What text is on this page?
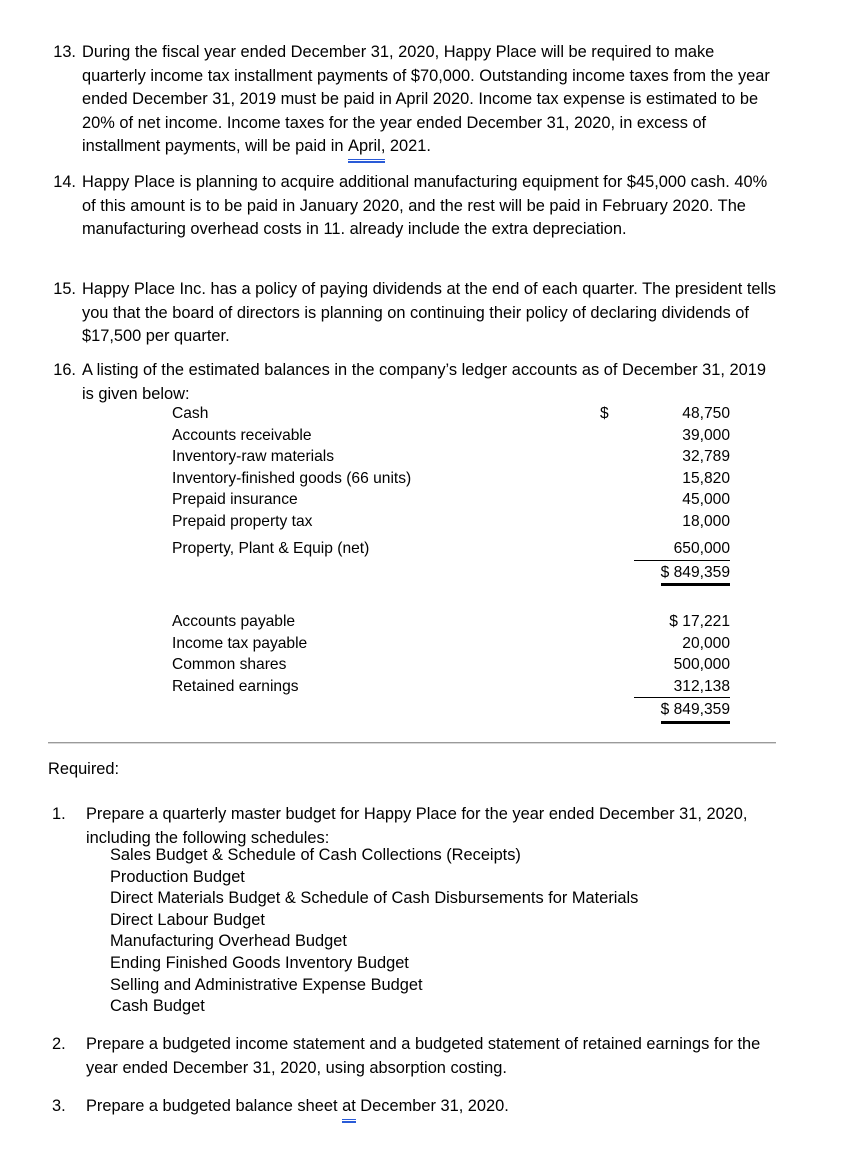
13. During the fiscal year ended December 31, 2020, Happy Place will be required to make quarterly income tax installment payments of $70,000. Outstanding income taxes from the year ended December 31, 2019 must be paid in April 2020. Income tax expense is estimated to be 20% of net income. Income taxes for the year ended December 31, 2020, in excess of installment payments, will be paid in April, 2021.
14. Happy Place is planning to acquire additional manufacturing equipment for $45,000 cash. 40% of this amount is to be paid in January 2020, and the rest will be paid in February 2020. The manufacturing overhead costs in 11. already include the extra depreciation.
15. Happy Place Inc. has a policy of paying dividends at the end of each quarter. The president tells you that the board of directors is planning on continuing their policy of declaring dividends of $17,500 per quarter.
16. A listing of the estimated balances in the company’s ledger accounts as of December 31, 2019 is given below:
Cash	$	48,750
Accounts receivable		39,000
Inventory-raw materials		32,789
Inventory-finished goods (66 units)		15,820
Prepaid insurance		45,000
Prepaid property tax		18,000
Property, Plant & Equip (net)		650,000
		$ 849,359
Accounts payable		$ 17,221
Income tax payable		20,000
Common shares		500,000
Retained earnings		312,138
		$ 849,359
Required:
1.	Prepare a quarterly master budget for Happy Place for the year ended December 31, 2020, including the following schedules:
Sales Budget & Schedule of Cash Collections (Receipts)
Production Budget
Direct Materials Budget & Schedule of Cash Disbursements for Materials
Direct Labour Budget
Manufacturing Overhead Budget
Ending Finished Goods Inventory Budget
Selling and Administrative Expense Budget
Cash Budget
2.	Prepare a budgeted income statement and a budgeted statement of retained earnings for the year ended December 31, 2020, using absorption costing.
3.	Prepare a budgeted balance sheet at December 31, 2020.
